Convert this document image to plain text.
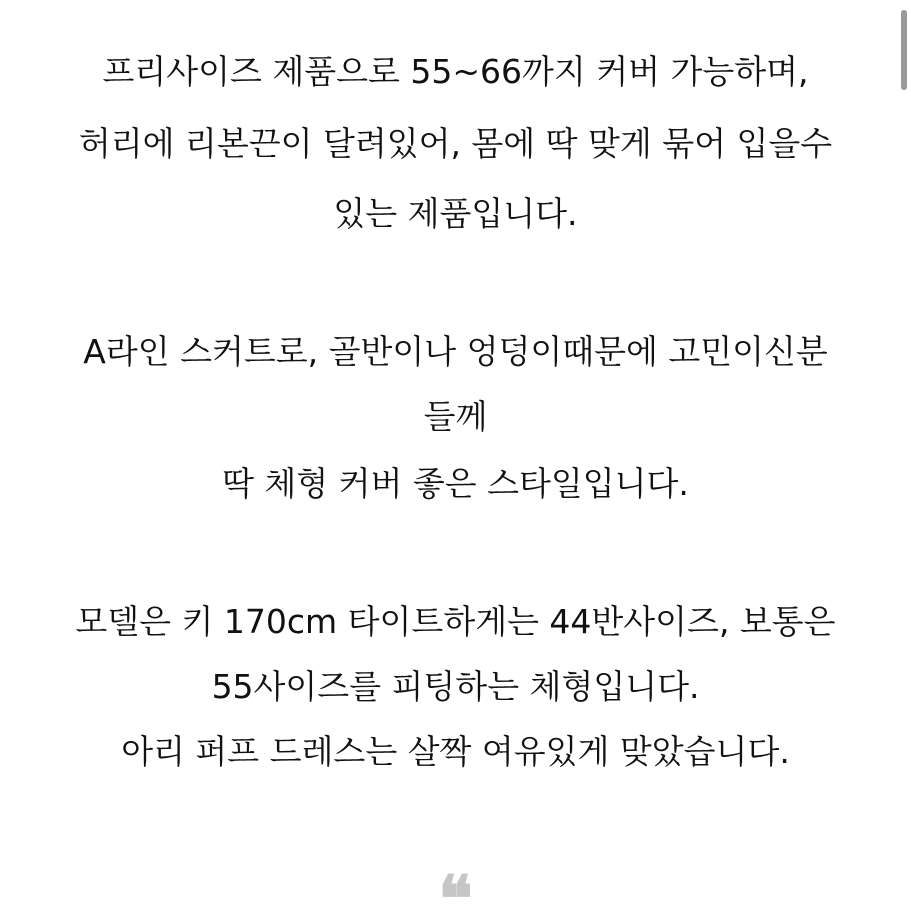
프리사이즈 제품으로 55~66까지 커버 가능하며,
허리에 리본끈이 달려있어, 몸에 딱 맞게 묶어 입을수
있는 제품입니다.
A라인 스커트로, 골반이나 엉덩이때문에 고민이신분
들께
딱 체형 커버 좋은 스타일입니다.
모델은 키 170cm 타이트하게는 44반사이즈, 보통은
55사이즈를 피팅하는 체형입니다.
아리 퍼프 드레스는 살짝 여유있게 맞았습니다.
❝
